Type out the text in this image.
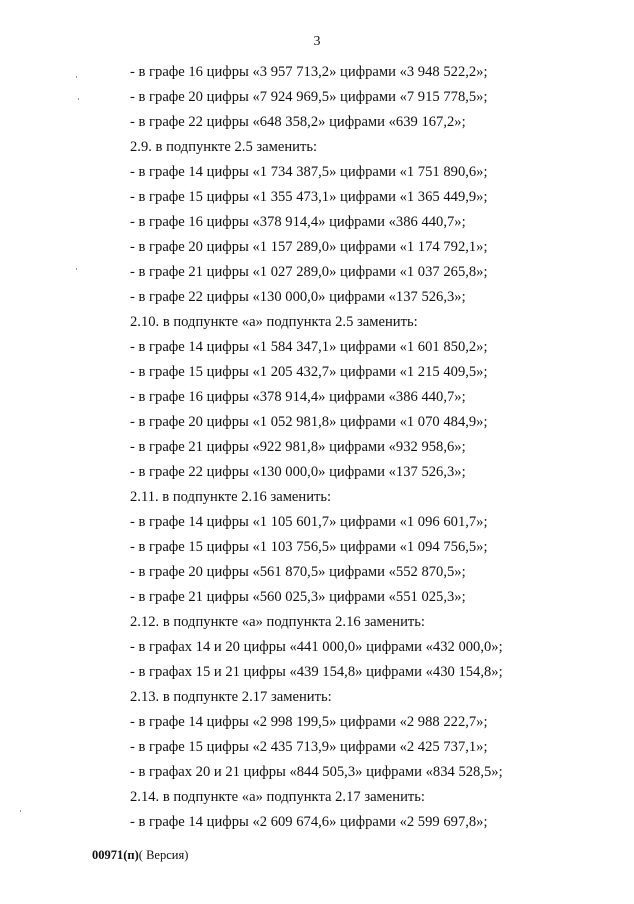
3
- в графе 16 цифры «3 957 713,2» цифрами «3 948 522,2»;
- в графе 20 цифры «7 924 969,5» цифрами «7 915 778,5»;
- в графе 22 цифры «648 358,2» цифрами «639 167,2»;
2.9. в подпункте 2.5 заменить:
- в графе 14 цифры «1 734 387,5» цифрами «1 751 890,6»;
- в графе 15 цифры «1 355 473,1» цифрами «1 365 449,9»;
- в графе 16 цифры «378 914,4» цифрами «386 440,7»;
- в графе 20 цифры «1 157 289,0» цифрами «1 174 792,1»;
- в графе 21 цифры «1 027 289,0» цифрами «1 037 265,8»;
- в графе 22 цифры «130 000,0» цифрами «137 526,3»;
2.10. в подпункте «а» подпункта 2.5 заменить:
- в графе 14 цифры «1 584 347,1» цифрами «1 601 850,2»;
- в графе 15 цифры «1 205 432,7» цифрами «1 215 409,5»;
- в графе 16 цифры «378 914,4» цифрами «386 440,7»;
- в графе 20 цифры «1 052 981,8» цифрами «1 070 484,9»;
- в графе 21 цифры «922 981,8» цифрами «932 958,6»;
- в графе 22 цифры «130 000,0» цифрами «137 526,3»;
2.11. в подпункте 2.16 заменить:
- в графе 14 цифры «1 105 601,7» цифрами «1 096 601,7»;
- в графе 15 цифры «1 103 756,5» цифрами «1 094 756,5»;
- в графе 20 цифры «561 870,5» цифрами «552 870,5»;
- в графе 21 цифры «560 025,3» цифрами «551 025,3»;
2.12. в подпункте «а» подпункта 2.16 заменить:
- в графах 14 и 20 цифры «441 000,0» цифрами «432 000,0»;
- в графах 15 и 21 цифры «439 154,8» цифрами «430 154,8»;
2.13. в подпункте 2.17 заменить:
- в графе 14 цифры «2 998 199,5» цифрами «2 988 222,7»;
- в графе 15 цифры «2 435 713,9» цифрами «2 425 737,1»;
- в графах 20 и 21 цифры «844 505,3» цифрами «834 528,5»;
2.14. в подпункте «а» подпункта 2.17 заменить:
- в графе 14 цифры «2 609 674,6» цифрами «2 599 697,8»;
00971(п)( Версия)
